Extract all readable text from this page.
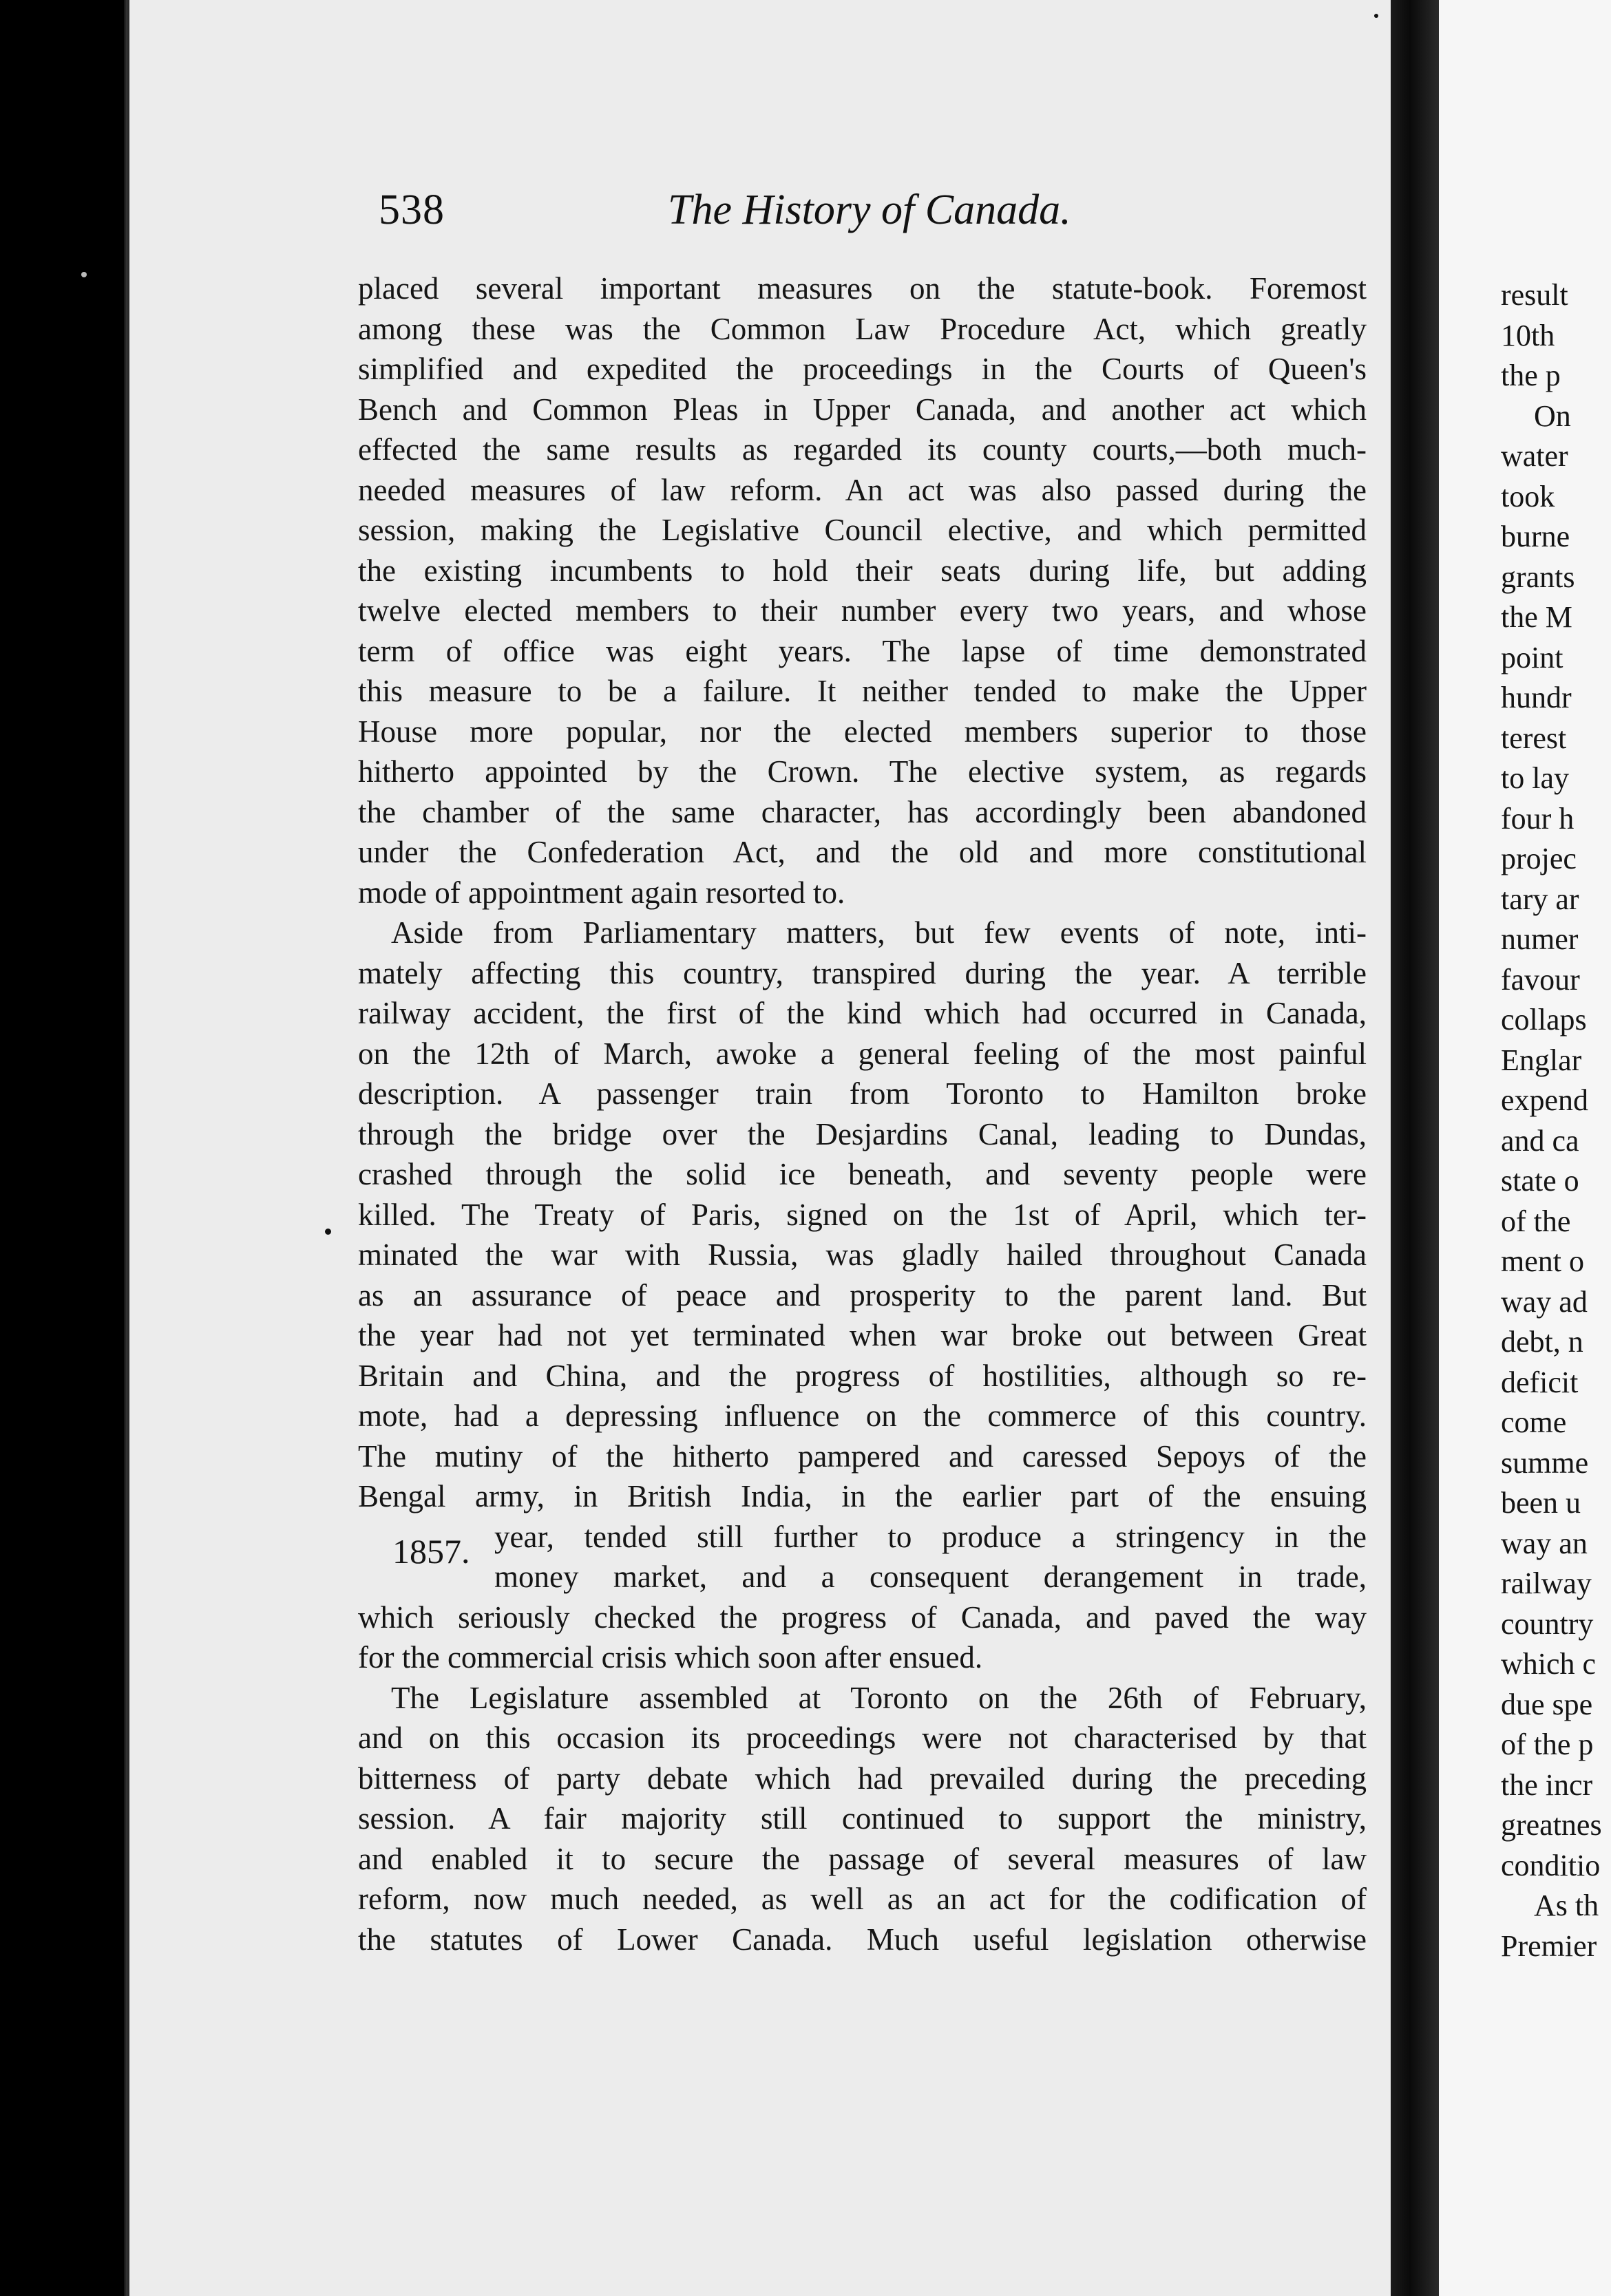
538	The History of Canada.

placed several important measures on the statute-book. Foremost

among these was the Common Law Procedure Act, which greatly

simplified and expedited the proceedings in the Courts of Queen's

Bench and Common Pleas in Upper Canada, and another act which

effected the same results as regarded its county courts,—both much-

needed measures of law reform. An act was also passed during the

session, making the Legislative Council elective, and which permitted

the existing incumbents to hold their seats during life, but adding

twelve elected members to their number every two years, and whose

term of office was eight years. The lapse of time demonstrated

this measure to be a failure. It neither tended to make the Upper

House more popular, nor the elected members superior to those

hitherto appointed by the Crown. The elective system, as regards

the chamber of the same character, has accordingly been abandoned

under the Confederation Act, and the old and more constitutional

mode of appointment again resorted to.

Aside from Parliamentary matters, but few events of note, inti-

mately affecting this country, transpired during the year. A terrible

railway accident, the first of the kind which had occurred in Canada,

on the 12th of March, awoke a general feeling of the most painful

description. A passenger train from Toronto to Hamilton broke

through the bridge over the Desjardins Canal, leading to Dundas,

crashed through the solid ice beneath, and seventy people were

killed. The Treaty of Paris, signed on the 1st of April, which ter-

minated the war with Russia, was gladly hailed throughout Canada

as an assurance of peace and prosperity to the parent land. But

the year had not yet terminated when war broke out between Great

Britain and China, and the progress of hostilities, although so re-

mote, had a depressing influence on the commerce of this country.

The mutiny of the hitherto pampered and caressed Sepoys of the

Bengal army, in British India, in the earlier part of the ensuing

year, tended still further to produce a stringency in the

money market, and a consequent derangement in trade,

which seriously checked the progress of Canada, and paved the way

for the commercial crisis which soon after ensued.

The Legislature assembled at Toronto on the 26th of February,

and on this occasion its proceedings were not characterised by that

bitterness of party debate which had prevailed during the preceding

session. A fair majority still continued to support the ministry,

and enabled it to secure the passage of several measures of law

reform, now much needed, as well as an act for the codification of

the statutes of Lower Canada. Much useful legislation otherwise

1857.
result
10th
the p
On
water
took
burne
grants
the M
point
hundr
terest
to lay
four h
projec
tary ar
numer
favour
collaps
Englar
expend
and ca
state o
of the
ment o
way ad
debt, n
deficit
come
summe
been u
way an
railway
country
which c
due spe
of the p
the incr
greatnes
conditio
As th
Premier
